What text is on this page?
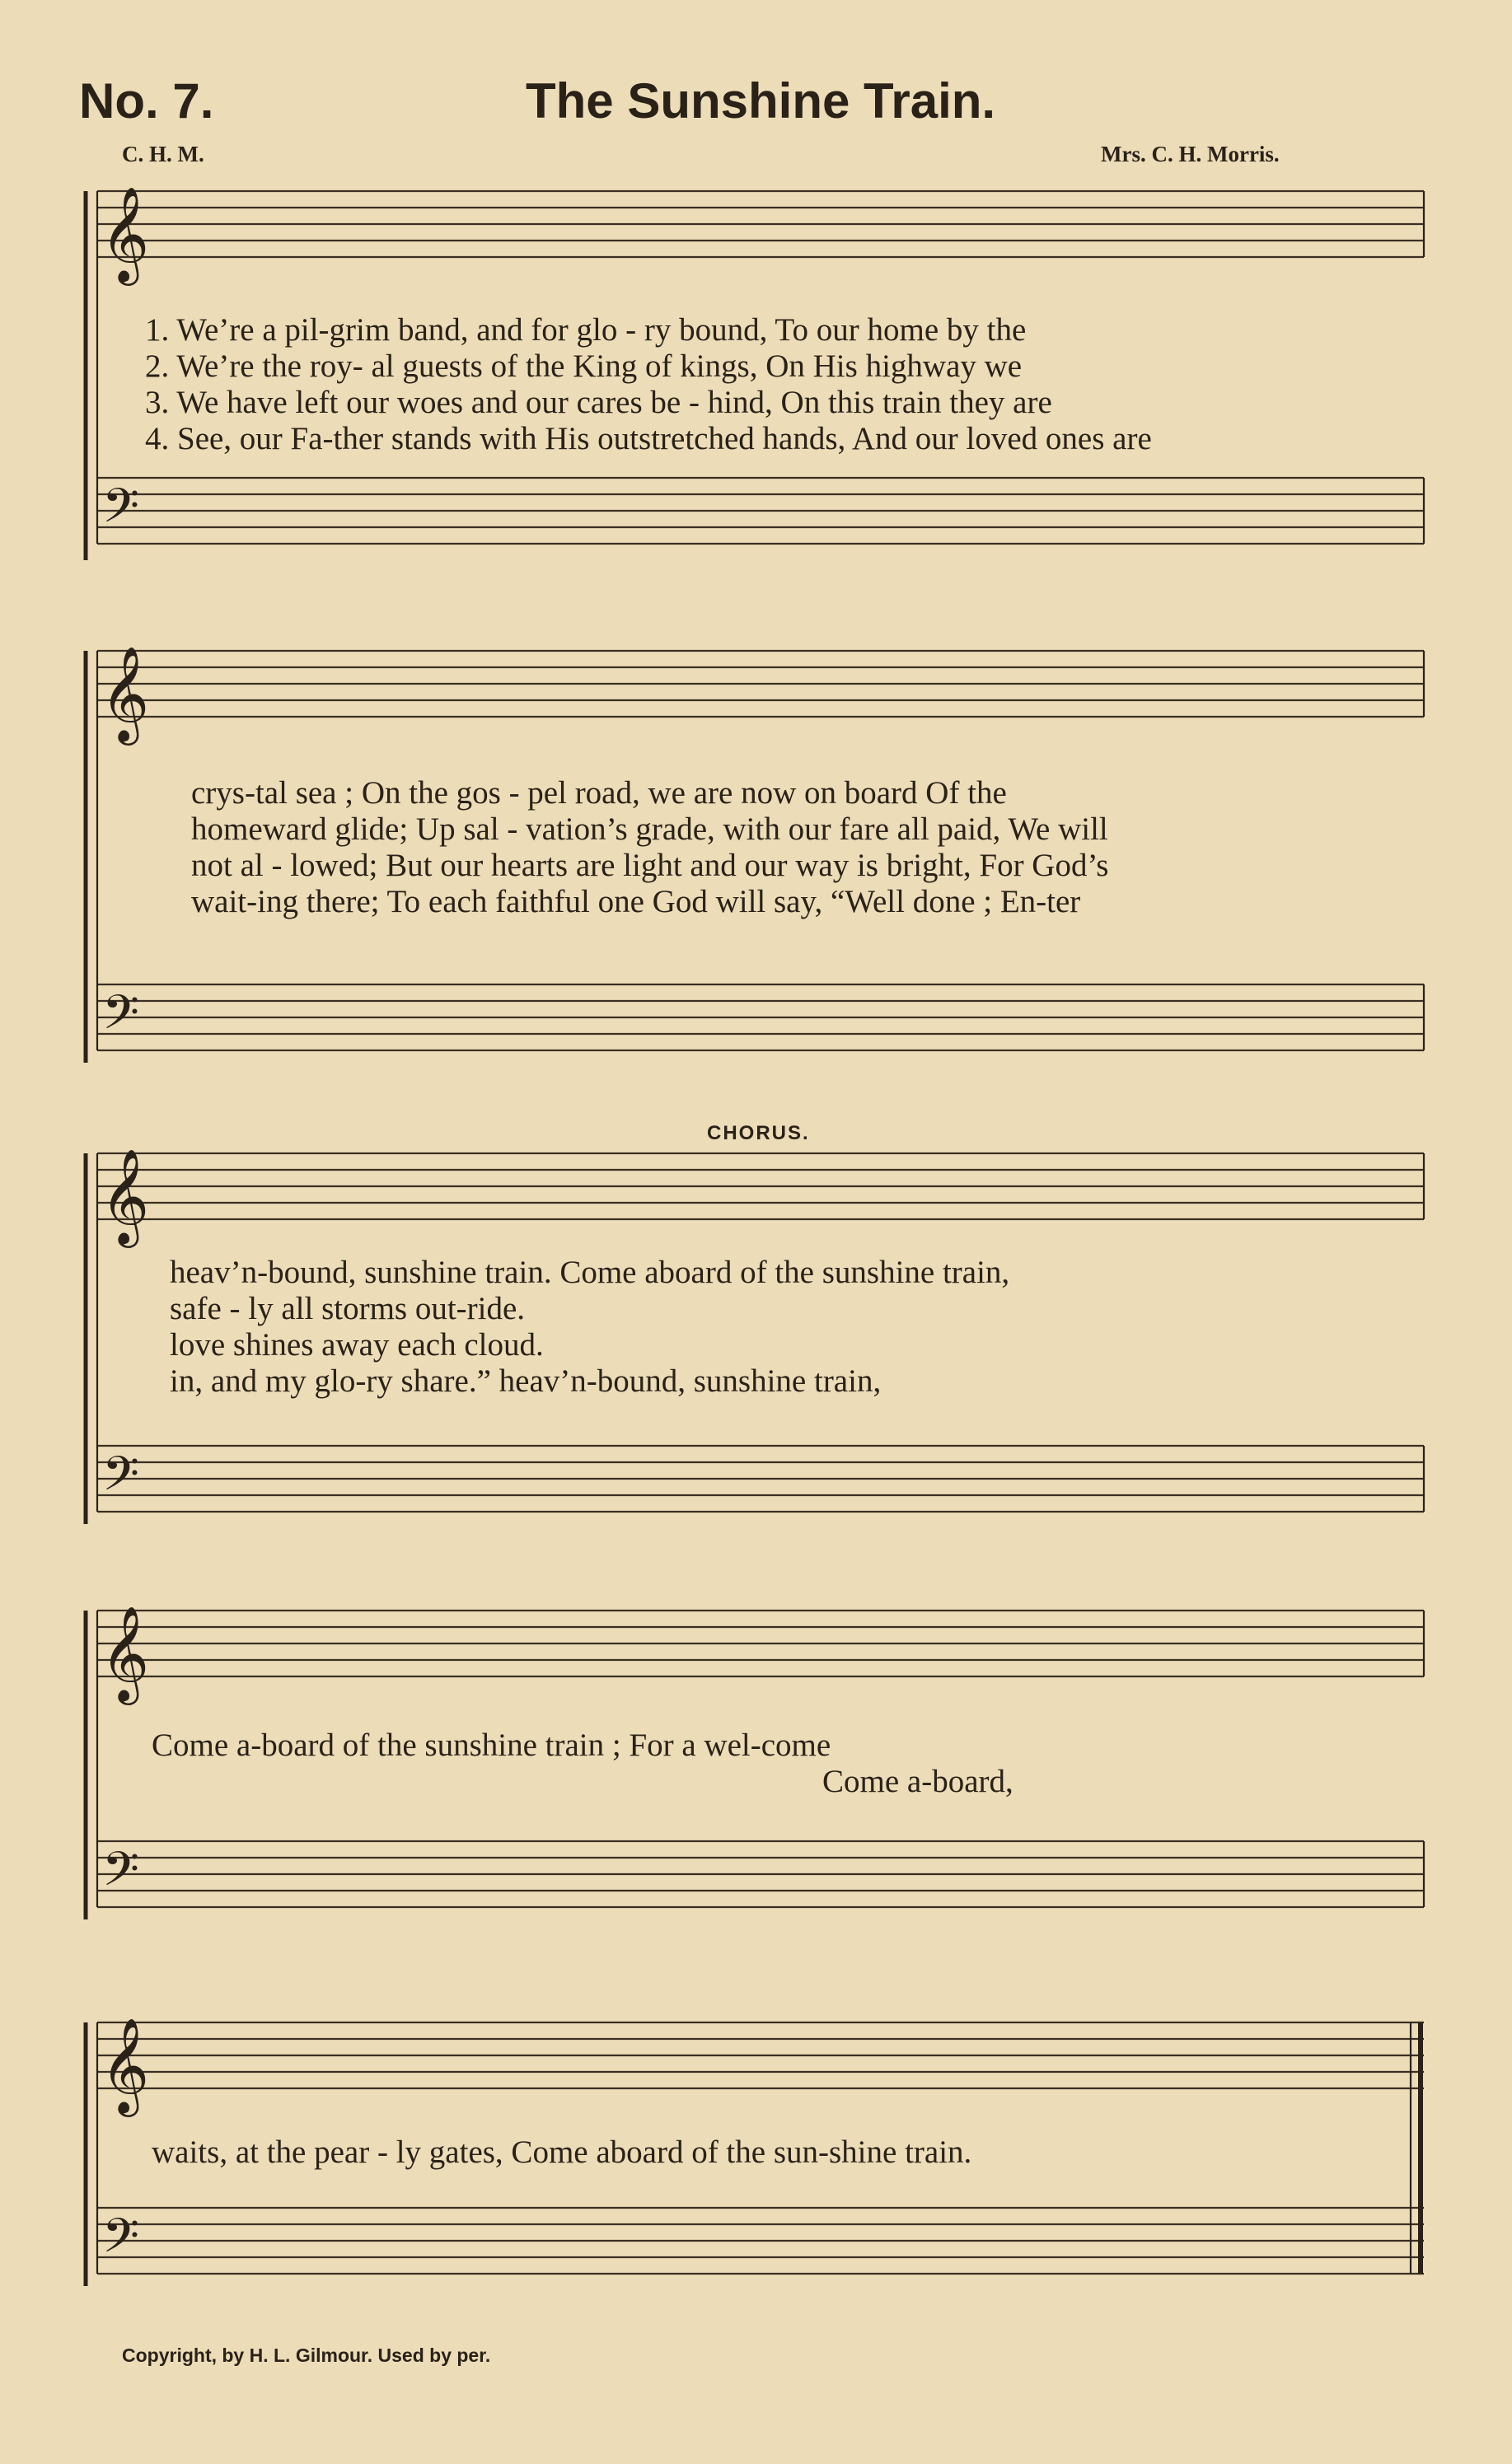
𝄞
𝄢
𝄞
𝄢
𝄞
𝄢
𝄞
𝄢
𝄞
𝄢
No. 7.	The Sunshine Train.
C. H. M.	Mrs. C. H. Morris.
1. We’re a pil-grim band, and for glo - ry bound, To our home by the
2. We’re the roy- al guests of the King of kings, On His highway we
3. We have left our woes and our cares be - hind, On this train they are
4. See, our Fa-ther stands with His outstretched hands, And our loved ones are
crys-tal sea ; On the gos - pel road, we are now on board Of the
homeward glide; Up sal - vation’s grade, with our fare all paid, We will
not al - lowed; But our hearts are light and our way is bright, For God’s
wait-ing there; To each faithful one God will say, “Well done ; En-ter
CHORUS.
heav’n-bound, sunshine train. Come aboard of the sunshine train,
safe - ly all storms out-ride.
love shines away each cloud.
in, and my glo-ry share.” heav’n-bound, sunshine train,
Come a-board of the sunshine train ; For a wel-come
Come a-board,
waits, at the pear - ly gates, Come aboard of the sun-shine train.
Copyright, by H. L. Gilmour. Used by per.
